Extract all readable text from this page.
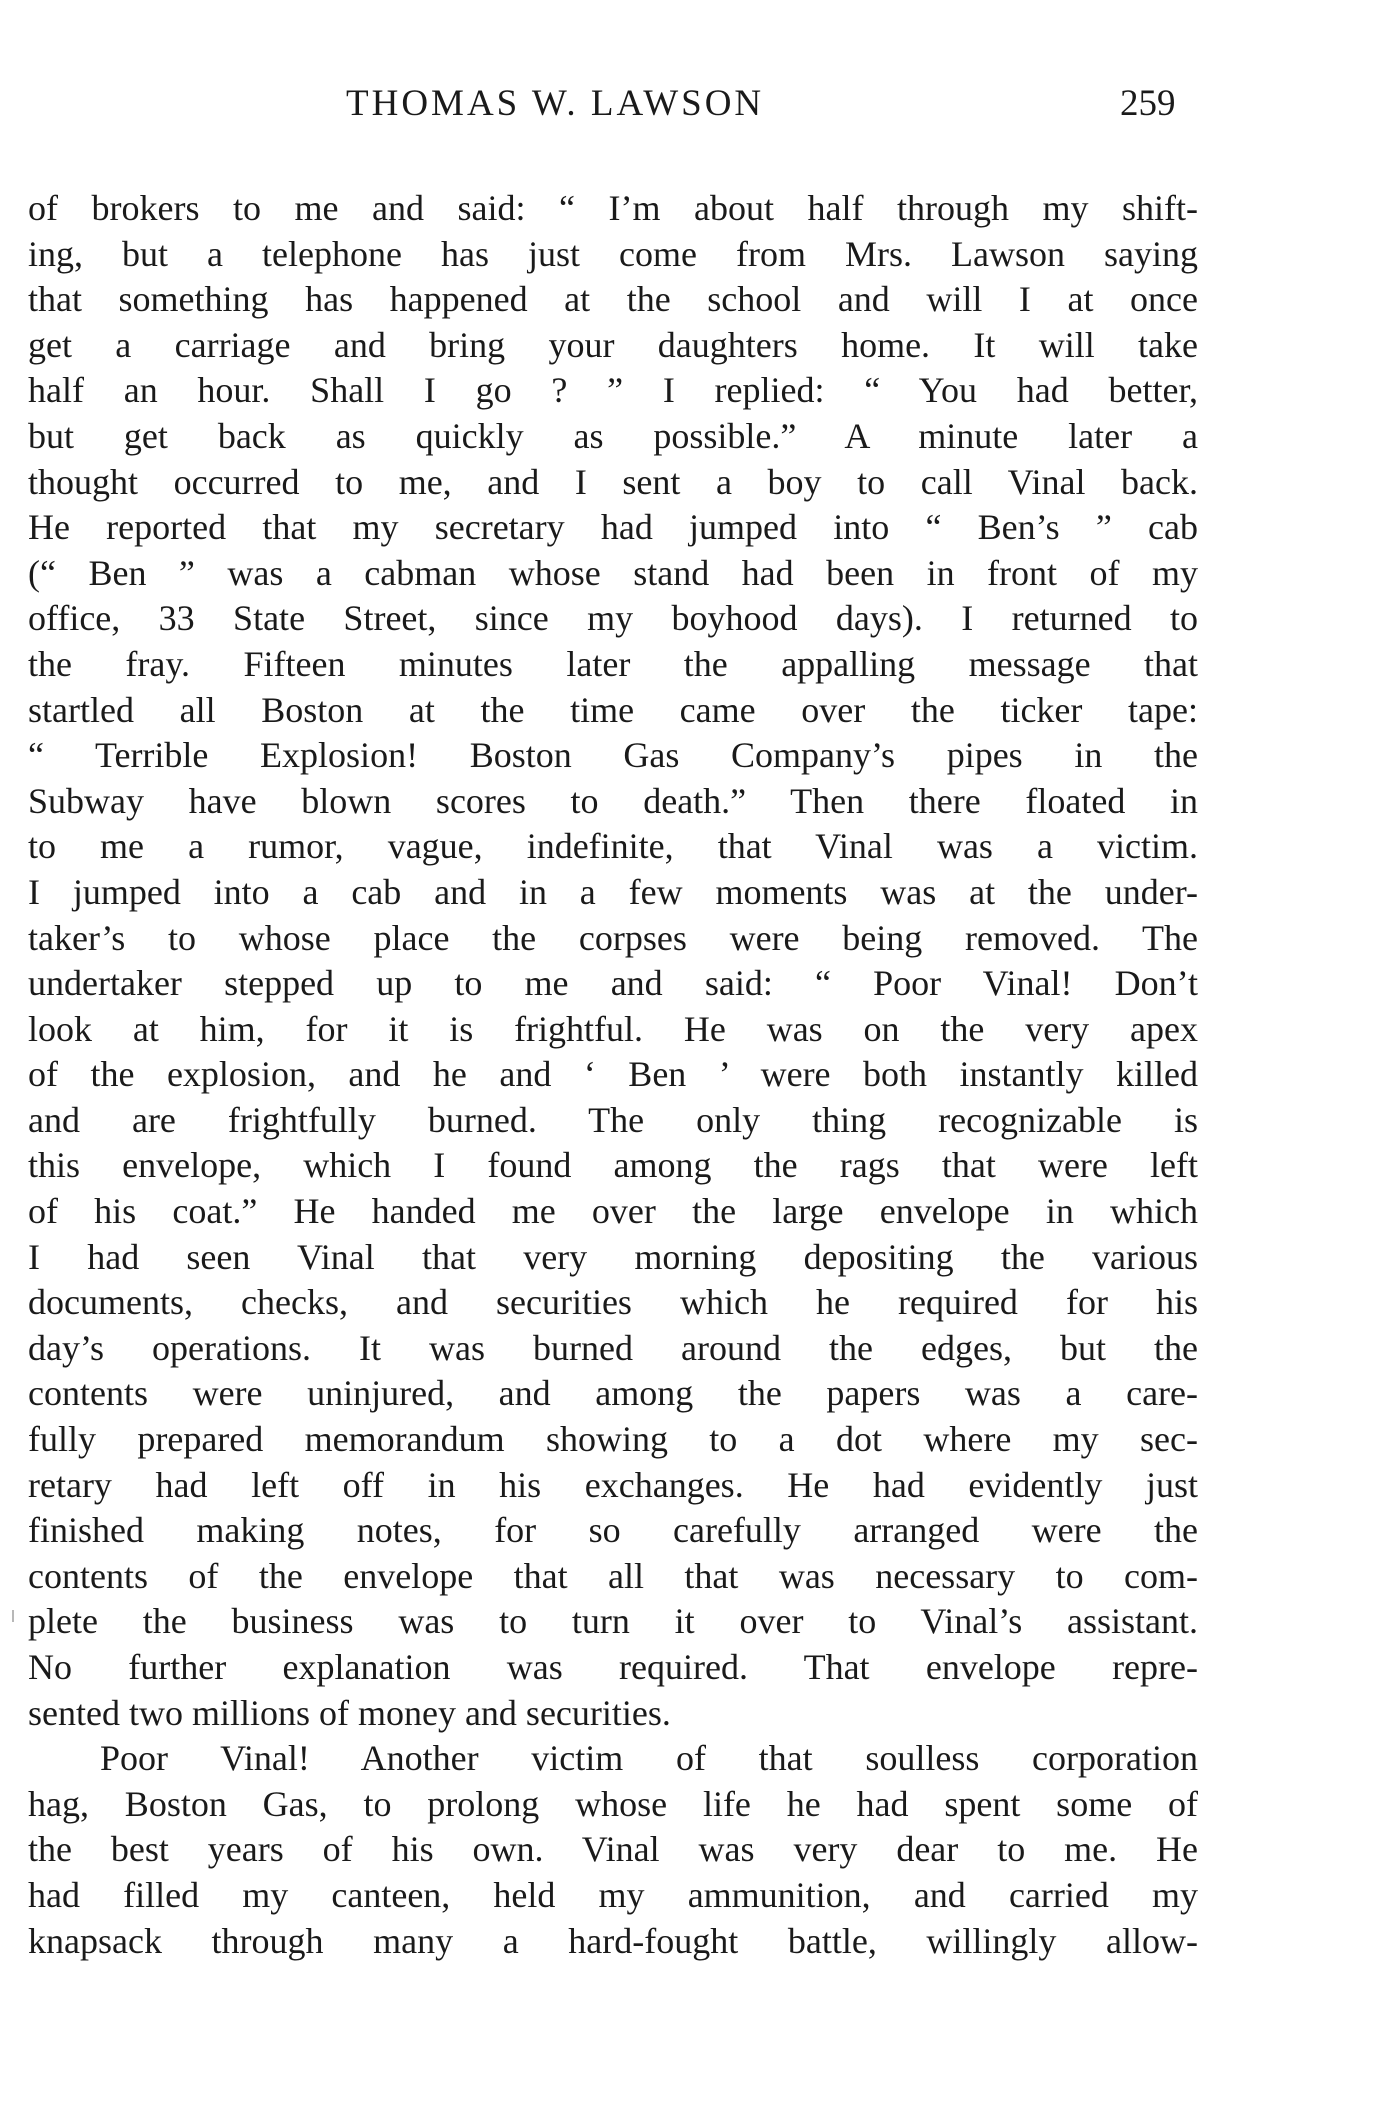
THOMAS W. LAWSON	259
of brokers to me and said: “ I’m about half through my shift-
ing, but a telephone has just come from Mrs. Lawson saying
that something has happened at the school and will I at once
get a carriage and bring your daughters home. It will take
half an hour. Shall I go ? ” I replied: “ You had better,
but get back as quickly as possible.” A minute later a
thought occurred to me, and I sent a boy to call Vinal back.
He reported that my secretary had jumped into “ Ben’s ” cab
(“ Ben ” was a cabman whose stand had been in front of my
office, 33 State Street, since my boyhood days). I returned to
the fray. Fifteen minutes later the appalling message that
startled all Boston at the time came over the ticker tape:
“ Terrible Explosion! Boston Gas Company’s pipes in the
Subway have blown scores to death.” Then there floated in
to me a rumor, vague, indefinite, that Vinal was a victim.
I jumped into a cab and in a few moments was at the under-
taker’s to whose place the corpses were being removed. The
undertaker stepped up to me and said: “ Poor Vinal! Don’t
look at him, for it is frightful. He was on the very apex
of the explosion, and he and ‘ Ben ’ were both instantly killed
and are frightfully burned. The only thing recognizable is
this envelope, which I found among the rags that were left
of his coat.” He handed me over the large envelope in which
I had seen Vinal that very morning depositing the various
documents, checks, and securities which he required for his
day’s operations. It was burned around the edges, but the
contents were uninjured, and among the papers was a care-
fully prepared memorandum showing to a dot where my sec-
retary had left off in his exchanges. He had evidently just
finished making notes, for so carefully arranged were the
contents of the envelope that all that was necessary to com-
plete the business was to turn it over to Vinal’s assistant.
No further explanation was required. That envelope repre-
sented two millions of money and securities.
Poor Vinal! Another victim of that soulless corporation
hag, Boston Gas, to prolong whose life he had spent some of
the best years of his own. Vinal was very dear to me. He
had filled my canteen, held my ammunition, and carried my
knapsack through many a hard-fought battle, willingly allow-
